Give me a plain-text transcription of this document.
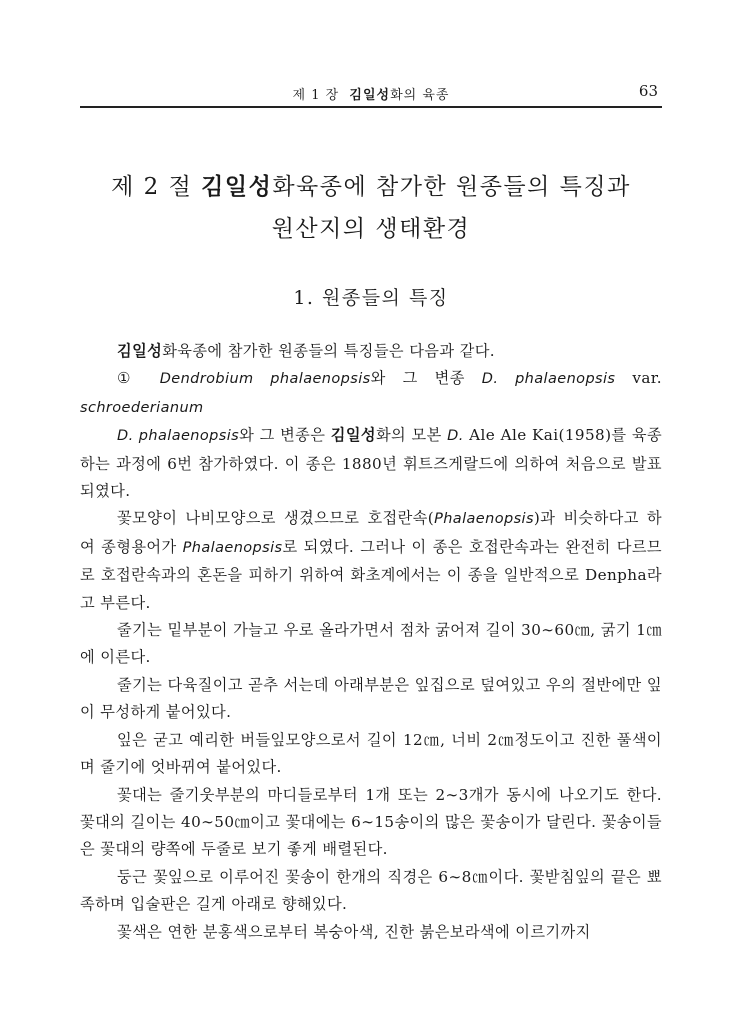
제 1 장 김일성화의 육종	63
제 2 절 김일성화육종에 참가한 원종들의 특징과
원산지의 생태환경
1. 원종들의 특징

김일성화육종에 참가한 원종들의 특징들은 다음과 같다.

① Dendrobium phalaenopsis와 그 변종 D. phalaenopsis var. schroederianum

D. phalaenopsis와 그 변종은 김일성화의 모본 D. Ale Ale Kai(1958)를 육종하는 과정에 6번 참가하였다. 이 종은 1880년 휘트즈게랄드에 의하여 처음으로 발표되였다.

꽃모양이 나비모양으로 생겼으므로 호접란속(Phalaenopsis)과 비슷하다고 하여 종형용어가 Phalaenopsis로 되였다. 그러나 이 종은 호접란속과는 완전히 다르므로 호접란속과의 혼돈을 피하기 위하여 화초계에서는 이 종을 일반적으로 Denpha라고 부른다.

줄기는 밑부분이 가늘고 우로 올라가면서 점차 굵어져 길이 30∼60㎝, 굵기 1㎝에 이른다.

줄기는 다육질이고 곧추 서는데 아래부분은 잎집으로 덮여있고 우의 절반에만 잎이 무성하게 붙어있다.

잎은 굳고 예리한 버들잎모양으로서 길이 12㎝, 너비 2㎝정도이고 진한 풀색이며 줄기에 엇바뀌여 붙어있다.

꽃대는 줄기웃부분의 마디들로부터 1개 또는 2∼3개가 동시에 나오기도 한다. 꽃대의 길이는 40∼50㎝이고 꽃대에는 6∼15송이의 많은 꽃송이가 달린다. 꽃송이들은 꽃대의 량쪽에 두줄로 보기 좋게 배렬된다.

둥근 꽃잎으로 이루어진 꽃송이 한개의 직경은 6∼8㎝이다. 꽃받침잎의 끝은 뾰족하며 입술판은 길게 아래로 향해있다.

꽃색은 연한 분홍색으로부터 복숭아색, 진한 붉은보라색에 이르기까지
